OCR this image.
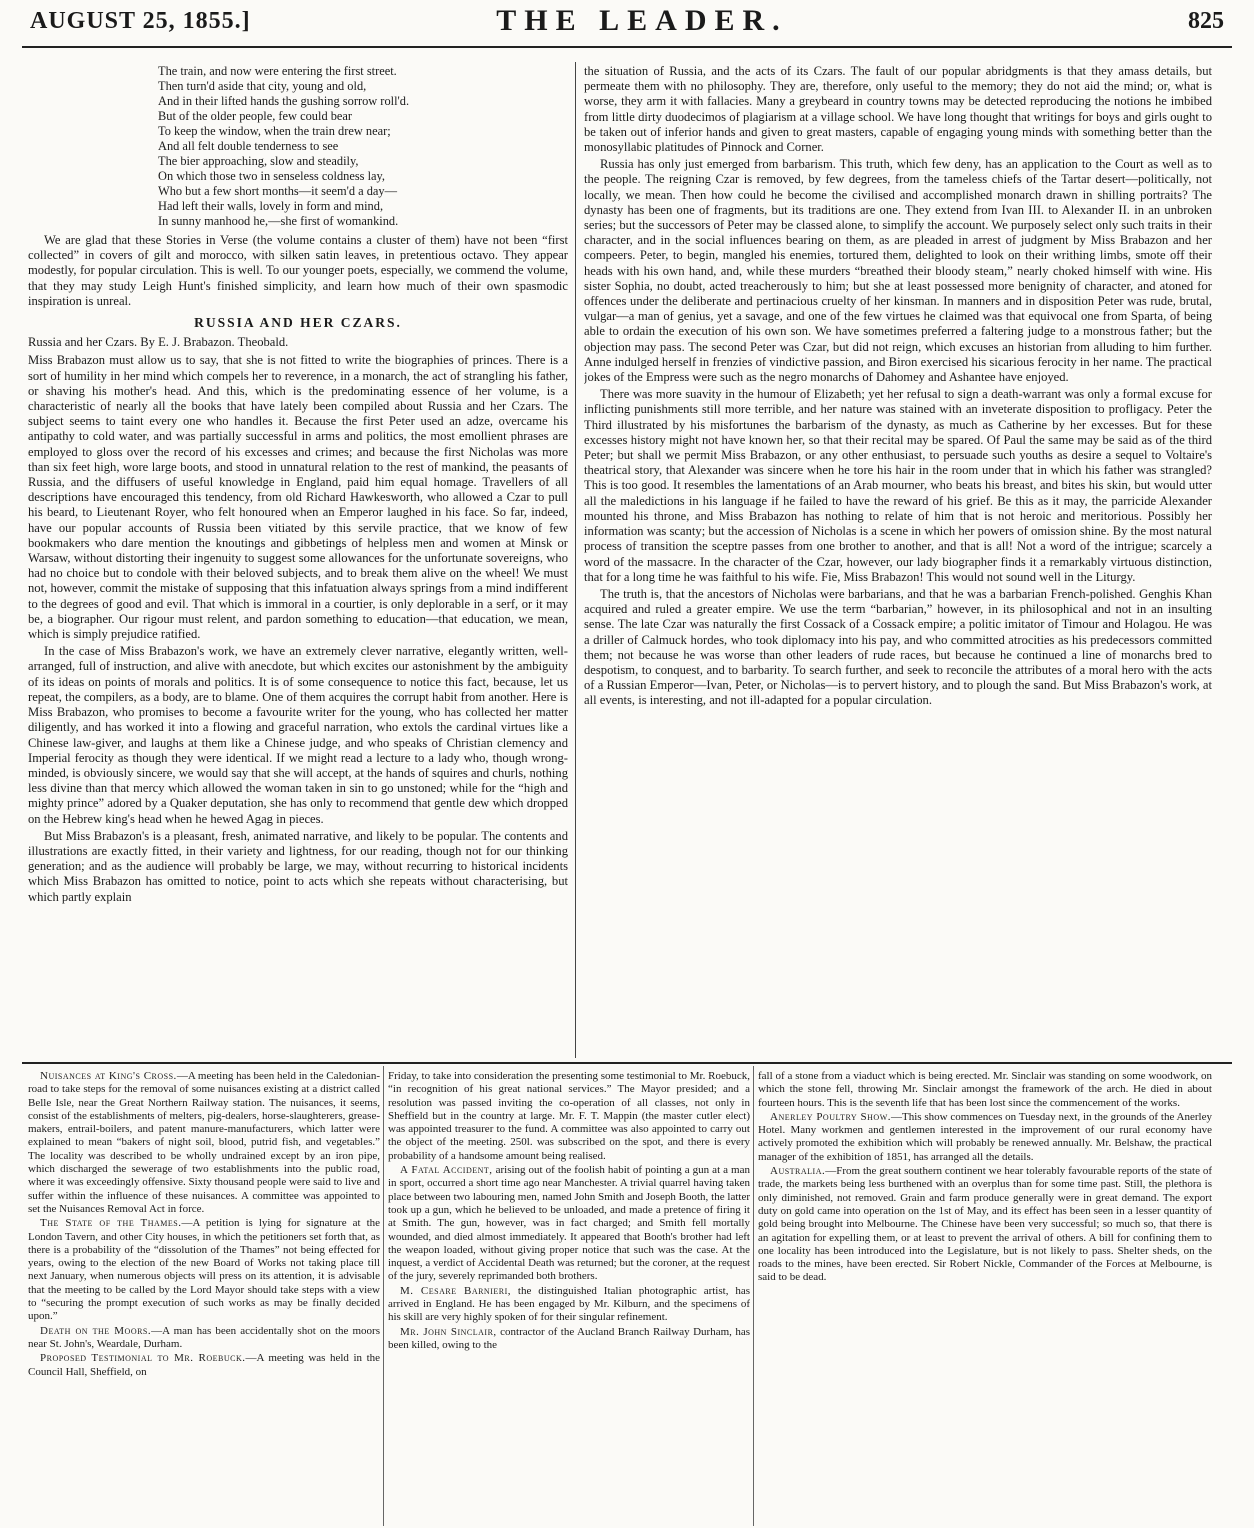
AUGUST 25, 1855.]	THE LEADER.	825
The train, and now were entering the first street.
Then turn'd aside that city, young and old,
And in their lifted hands the gushing sorrow roll'd.
But of the older people, few could bear
To keep the window, when the train drew near;
And all felt double tenderness to see
The bier approaching, slow and steadily,
On which those two in senseless coldness lay,
Who but a few short months—it seem'd a day—
Had left their walls, lovely in form and mind,
In sunny manhood he,—she first of womankind.

We are glad that these Stories in Verse (the volume contains a cluster of them) have not been “first collected” in covers of gilt and morocco, with silken satin leaves, in pretentious octavo. They appear modestly, for popular circulation. This is well. To our younger poets, especially, we commend the volume, that they may study Leigh Hunt's finished simplicity, and learn how much of their own spasmodic inspiration is unreal.

RUSSIA AND HER CZARS.

Russia and her Czars. By E. J. Brabazon. Theobald.

Miss Brabazon must allow us to say, that she is not fitted to write the biographies of princes. There is a sort of humility in her mind which compels her to reverence, in a monarch, the act of strangling his father, or shaving his mother's head. And this, which is the predominating essence of her volume, is a characteristic of nearly all the books that have lately been compiled about Russia and her Czars. The subject seems to taint every one who handles it. Because the first Peter used an adze, overcame his antipathy to cold water, and was partially successful in arms and politics, the most emollient phrases are employed to gloss over the record of his excesses and crimes; and because the first Nicholas was more than six feet high, wore large boots, and stood in unnatural relation to the rest of mankind, the peasants of Russia, and the diffusers of useful knowledge in England, paid him equal homage. Travellers of all descriptions have encouraged this tendency, from old Richard Hawkesworth, who allowed a Czar to pull his beard, to Lieutenant Royer, who felt honoured when an Emperor laughed in his face. So far, indeed, have our popular accounts of Russia been vitiated by this servile practice, that we know of few bookmakers who dare mention the knoutings and gibbetings of helpless men and women at Minsk or Warsaw, without distorting their ingenuity to suggest some allowances for the unfortunate sovereigns, who had no choice but to condole with their beloved subjects, and to break them alive on the wheel! We must not, however, commit the mistake of supposing that this infatuation always springs from a mind indifferent to the degrees of good and evil. That which is immoral in a courtier, is only deplorable in a serf, or it may be, a biographer. Our rigour must relent, and pardon something to education—that education, we mean, which is simply prejudice ratified.

In the case of Miss Brabazon's work, we have an extremely clever narrative, elegantly written, well-arranged, full of instruction, and alive with anecdote, but which excites our astonishment by the ambiguity of its ideas on points of morals and politics. It is of some consequence to notice this fact, because, let us repeat, the compilers, as a body, are to blame. One of them acquires the corrupt habit from another. Here is Miss Brabazon, who promises to become a favourite writer for the young, who has collected her matter diligently, and has worked it into a flowing and graceful narration, who extols the cardinal virtues like a Chinese law-giver, and laughs at them like a Chinese judge, and who speaks of Christian clemency and Imperial ferocity as though they were identical. If we might read a lecture to a lady who, though wrong-minded, is obviously sincere, we would say that she will accept, at the hands of squires and churls, nothing less divine than that mercy which allowed the woman taken in sin to go unstoned; while for the “high and mighty prince” adored by a Quaker deputation, she has only to recommend that gentle dew which dropped on the Hebrew king's head when he hewed Agag in pieces.

But Miss Brabazon's is a pleasant, fresh, animated narrative, and likely to be popular. The contents and illustrations are exactly fitted, in their variety and lightness, for our reading, though not for our thinking generation; and as the audience will probably be large, we may, without recurring to historical incidents which Miss Brabazon has omitted to notice, point to acts which she repeats without characterising, but which partly explain

the situation of Russia, and the acts of its Czars. The fault of our popular abridgments is that they amass details, but permeate them with no philosophy. They are, therefore, only useful to the memory; they do not aid the mind; or, what is worse, they arm it with fallacies. Many a greybeard in country towns may be detected reproducing the notions he imbibed from little dirty duodecimos of plagiarism at a village school. We have long thought that writings for boys and girls ought to be taken out of inferior hands and given to great masters, capable of engaging young minds with something better than the monosyllabic platitudes of Pinnock and Corner.

Russia has only just emerged from barbarism. This truth, which few deny, has an application to the Court as well as to the people. The reigning Czar is removed, by few degrees, from the tameless chiefs of the Tartar desert—politically, not locally, we mean. Then how could he become the civilised and accomplished monarch drawn in shilling portraits? The dynasty has been one of fragments, but its traditions are one. They extend from Ivan III. to Alexander II. in an unbroken series; but the successors of Peter may be classed alone, to simplify the account. We purposely select only such traits in their character, and in the social influences bearing on them, as are pleaded in arrest of judgment by Miss Brabazon and her compeers. Peter, to begin, mangled his enemies, tortured them, delighted to look on their writhing limbs, smote off their heads with his own hand, and, while these murders “breathed their bloody steam,” nearly choked himself with wine. His sister Sophia, no doubt, acted treacherously to him; but she at least possessed more benignity of character, and atoned for offences under the deliberate and pertinacious cruelty of her kinsman. In manners and in disposition Peter was rude, brutal, vulgar—a man of genius, yet a savage, and one of the few virtues he claimed was that equivocal one from Sparta, of being able to ordain the execution of his own son. We have sometimes preferred a faltering judge to a monstrous father; but the objection may pass. The second Peter was Czar, but did not reign, which excuses an historian from alluding to him further. Anne indulged herself in frenzies of vindictive passion, and Biron exercised his sicarious ferocity in her name. The practical jokes of the Empress were such as the negro monarchs of Dahomey and Ashantee have enjoyed.

There was more suavity in the humour of Elizabeth; yet her refusal to sign a death-warrant was only a formal excuse for inflicting punishments still more terrible, and her nature was stained with an inveterate disposition to profligacy. Peter the Third illustrated by his misfortunes the barbarism of the dynasty, as much as Catherine by her excesses. But for these excesses history might not have known her, so that their recital may be spared. Of Paul the same may be said as of the third Peter; but shall we permit Miss Brabazon, or any other enthusiast, to persuade such youths as desire a sequel to Voltaire's theatrical story, that Alexander was sincere when he tore his hair in the room under that in which his father was strangled? This is too good. It resembles the lamentations of an Arab mourner, who beats his breast, and bites his skin, but would utter all the maledictions in his language if he failed to have the reward of his grief. Be this as it may, the parricide Alexander mounted his throne, and Miss Brabazon has nothing to relate of him that is not heroic and meritorious. Possibly her information was scanty; but the accession of Nicholas is a scene in which her powers of omission shine. By the most natural process of transition the sceptre passes from one brother to another, and that is all! Not a word of the intrigue; scarcely a word of the massacre. In the character of the Czar, however, our lady biographer finds it a remarkably virtuous distinction, that for a long time he was faithful to his wife. Fie, Miss Brabazon! This would not sound well in the Liturgy.

The truth is, that the ancestors of Nicholas were barbarians, and that he was a barbarian French-polished. Genghis Khan acquired and ruled a greater empire. We use the term “barbarian,” however, in its philosophical and not in an insulting sense. The late Czar was naturally the first Cossack of a Cossack empire; a politic imitator of Timour and Holagou. He was a driller of Calmuck hordes, who took diplomacy into his pay, and who committed atrocities as his predecessors committed them; not because he was worse than other leaders of rude races, but because he continued a line of monarchs bred to despotism, to conquest, and to barbarity. To search further, and seek to reconcile the attributes of a moral hero with the acts of a Russian Emperor—Ivan, Peter, or Nicholas—is to pervert history, and to plough the sand. But Miss Brabazon's work, at all events, is interesting, and not ill-adapted for a popular circulation.

Nuisances at King's Cross.—A meeting has been held in the Caledonian-road to take steps for the removal of some nuisances existing at a district called Belle Isle, near the Great Northern Railway station. The nuisances, it seems, consist of the establishments of melters, pig-dealers, horse-slaughterers, grease-makers, entrail-boilers, and patent manure-manufacturers, which latter were explained to mean “bakers of night soil, blood, putrid fish, and vegetables.” The locality was described to be wholly undrained except by an iron pipe, which discharged the sewerage of two establishments into the public road, where it was exceedingly offensive. Sixty thousand people were said to live and suffer within the influence of these nuisances. A committee was appointed to set the Nuisances Removal Act in force.

The State of the Thames.—A petition is lying for signature at the London Tavern, and other City houses, in which the petitioners set forth that, as there is a probability of the “dissolution of the Thames” not being effected for years, owing to the election of the new Board of Works not taking place till next January, when numerous objects will press on its attention, it is advisable that the meeting to be called by the Lord Mayor should take steps with a view to “securing the prompt execution of such works as may be finally decided upon.”

Death on the Moors.—A man has been accidentally shot on the moors near St. John's, Weardale, Durham.

Proposed Testimonial to Mr. Roebuck.—A meeting was held in the Council Hall, Sheffield, on

Friday, to take into consideration the presenting some testimonial to Mr. Roebuck, “in recognition of his great national services.” The Mayor presided; and a resolution was passed inviting the co-operation of all classes, not only in Sheffield but in the country at large. Mr. F. T. Mappin (the master cutler elect) was appointed treasurer to the fund. A committee was also appointed to carry out the object of the meeting. 250l. was subscribed on the spot, and there is every probability of a handsome amount being realised.

A Fatal Accident, arising out of the foolish habit of pointing a gun at a man in sport, occurred a short time ago near Manchester. A trivial quarrel having taken place between two labouring men, named John Smith and Joseph Booth, the latter took up a gun, which he believed to be unloaded, and made a pretence of firing it at Smith. The gun, however, was in fact charged; and Smith fell mortally wounded, and died almost immediately. It appeared that Booth's brother had left the weapon loaded, without giving proper notice that such was the case. At the inquest, a verdict of Accidental Death was returned; but the coroner, at the request of the jury, severely reprimanded both brothers.

M. Cesare Barnieri, the distinguished Italian photographic artist, has arrived in England. He has been engaged by Mr. Kilburn, and the specimens of his skill are very highly spoken of for their singular refinement.

Mr. John Sinclair, contractor of the Aucland Branch Railway Durham, has been killed, owing to the

fall of a stone from a viaduct which is being erected. Mr. Sinclair was standing on some woodwork, on which the stone fell, throwing Mr. Sinclair amongst the framework of the arch. He died in about fourteen hours. This is the seventh life that has been lost since the commencement of the works.

Anerley Poultry Show.—This show commences on Tuesday next, in the grounds of the Anerley Hotel. Many workmen and gentlemen interested in the improvement of our rural economy have actively promoted the exhibition which will probably be renewed annually. Mr. Belshaw, the practical manager of the exhibition of 1851, has arranged all the details.

Australia.—From the great southern continent we hear tolerably favourable reports of the state of trade, the markets being less burthened with an overplus than for some time past. Still, the plethora is only diminished, not removed. Grain and farm produce generally were in great demand. The export duty on gold came into operation on the 1st of May, and its effect has been seen in a lesser quantity of gold being brought into Melbourne. The Chinese have been very successful; so much so, that there is an agitation for expelling them, or at least to prevent the arrival of others. A bill for confining them to one locality has been introduced into the Legislature, but is not likely to pass. Shelter sheds, on the roads to the mines, have been erected. Sir Robert Nickle, Commander of the Forces at Melbourne, is said to be dead.
